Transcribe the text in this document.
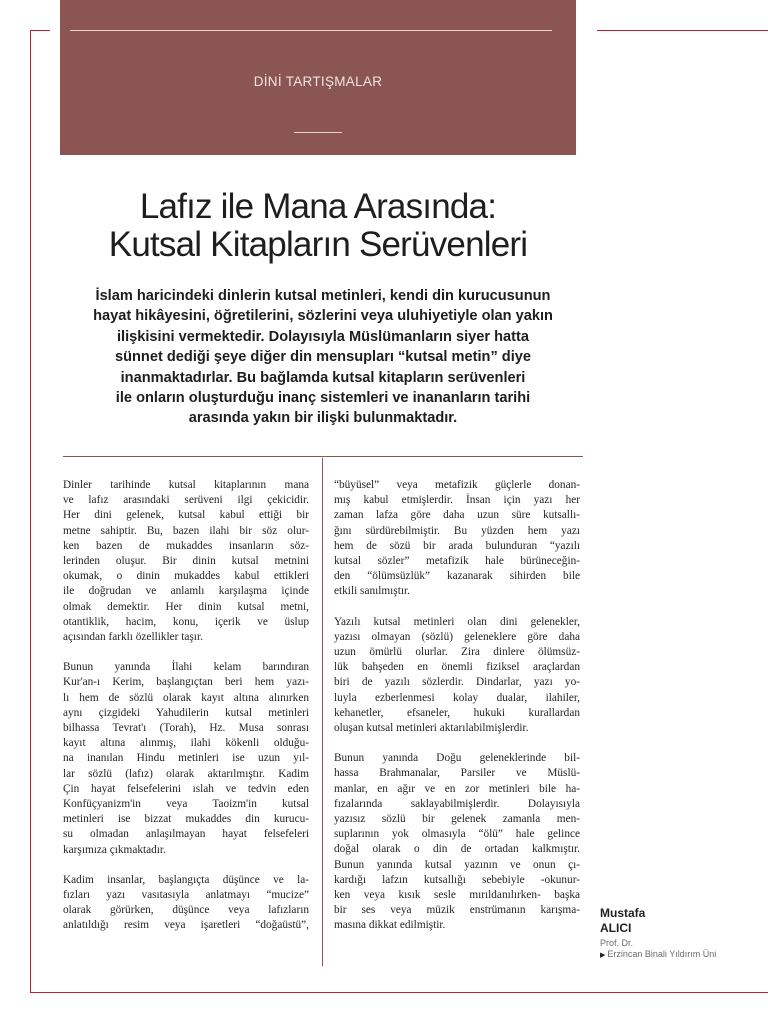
DİNİ TARTIŞMALAR
Lafız ile Mana Arasında:
Kutsal Kitapların Serüvenleri
İslam haricindeki dinlerin kutsal metinleri, kendi din kurucusunun
hayat hikâyesini, öğretilerini, sözlerini veya uluhiyetiyle olan yakın
ilişkisini vermektedir. Dolayısıyla Müslümanların siyer hatta
sünnet dediği şeye diğer din mensupları “kutsal metin” diye
inanmaktadırlar. Bu bağlamda kutsal kitapların serüvenleri
ile onların oluşturduğu inanç sistemleri ve inananların tarihi
arasında yakın bir ilişki bulunmaktadır.

Dinler tarihinde kutsal kitaplarının mana
ve lafız arasındaki serüveni ilgi çekicidir.
Her dini gelenek, kutsal kabul ettiği bir
metne sahiptir. Bu, bazen ilahi bir söz olur-
ken bazen de mukaddes insanların söz-
lerinden oluşur. Bir dinin kutsal metnini
okumak, o dinin mukaddes kabul ettikleri
ile doğrudan ve anlamlı karşılaşma içinde
olmak demektir. Her dinin kutsal metni,
otantiklik, hacim, konu, içerik ve üslup
açısından farklı özellikler taşır.

Bunun yanında İlahi kelam barındıran
Kur'an-ı Kerim, başlangıçtan beri hem yazı-
lı hem de sözlü olarak kayıt altına alınırken
aynı çizgideki Yahudilerin kutsal metinleri
bilhassa Tevrat'ı (Torah), Hz. Musa sonrası
kayıt altına alınmış, ilahi kökenli olduğu-
na inanılan Hindu metinleri ise uzun yıl-
lar sözlü (lafız) olarak aktarılmıştır. Kadim
Çin hayat felsefelerini ıslah ve tedvin eden
Konfüçyanizm'in veya Taoizm'in kutsal
metinleri ise bizzat mukaddes din kurucu-
su olmadan anlaşılmayan hayat felsefeleri
karşımıza çıkmaktadır.

Kadim insanlar, başlangıçta düşünce ve la-
fızları yazı vasıtasıyla anlatmayı “mucize”
olarak görürken, düşünce veya lafızların
anlatıldığı resim veya işaretleri “doğaüstü”,

“büyüsel” veya metafizik güçlerle donan-
mış kabul etmişlerdir. İnsan için yazı her
zaman lafza göre daha uzun süre kutsallı-
ğını sürdürebilmiştir. Bu yüzden hem yazı
hem de sözü bir arada bulunduran “yazılı
kutsal sözler” metafizik hale bürüneceğin-
den “ölümsüzlük” kazanarak sihirden bile
etkili sanılmıştır.

Yazılı kutsal metinleri olan dini gelenekler,
yazısı olmayan (sözlü) geleneklere göre daha
uzun ömürlü olurlar. Zira dinlere ölümsüz-
lük bahşeden en önemli fiziksel araçlardan
biri de yazılı sözlerdir. Dindarlar, yazı yo-
luyla ezberlenmesi kolay dualar, ilahiler,
kehanetler, efsaneler, hukuki kurallardan
oluşan kutsal metinleri aktarılabilmişlerdir.

Bunun yanında Doğu geleneklerinde bil-
hassa Brahmanalar, Parsiler ve Müslü-
manlar, en ağır ve en zor metinleri bile ha-
fızalarında saklayabilmişlerdir. Dolayısıyla
yazısız sözlü bir gelenek zamanla men-
suplarının yok olmasıyla “ölü” hale gelince
doğal olarak o din de ortadan kalkmıştır.
Bunun yanında kutsal yazının ve onun çı-
kardığı lafzın kutsallığı sebebiyle -okunur-
ken veya kısık sesle mırıldanılırken- başka
bir ses veya müzik enstrümanın karışma-
masına dikkat edilmiştir.

Mustafa
ALICI
Prof. Dr.
▶ Erzincan Binali Yıldırım Üni
